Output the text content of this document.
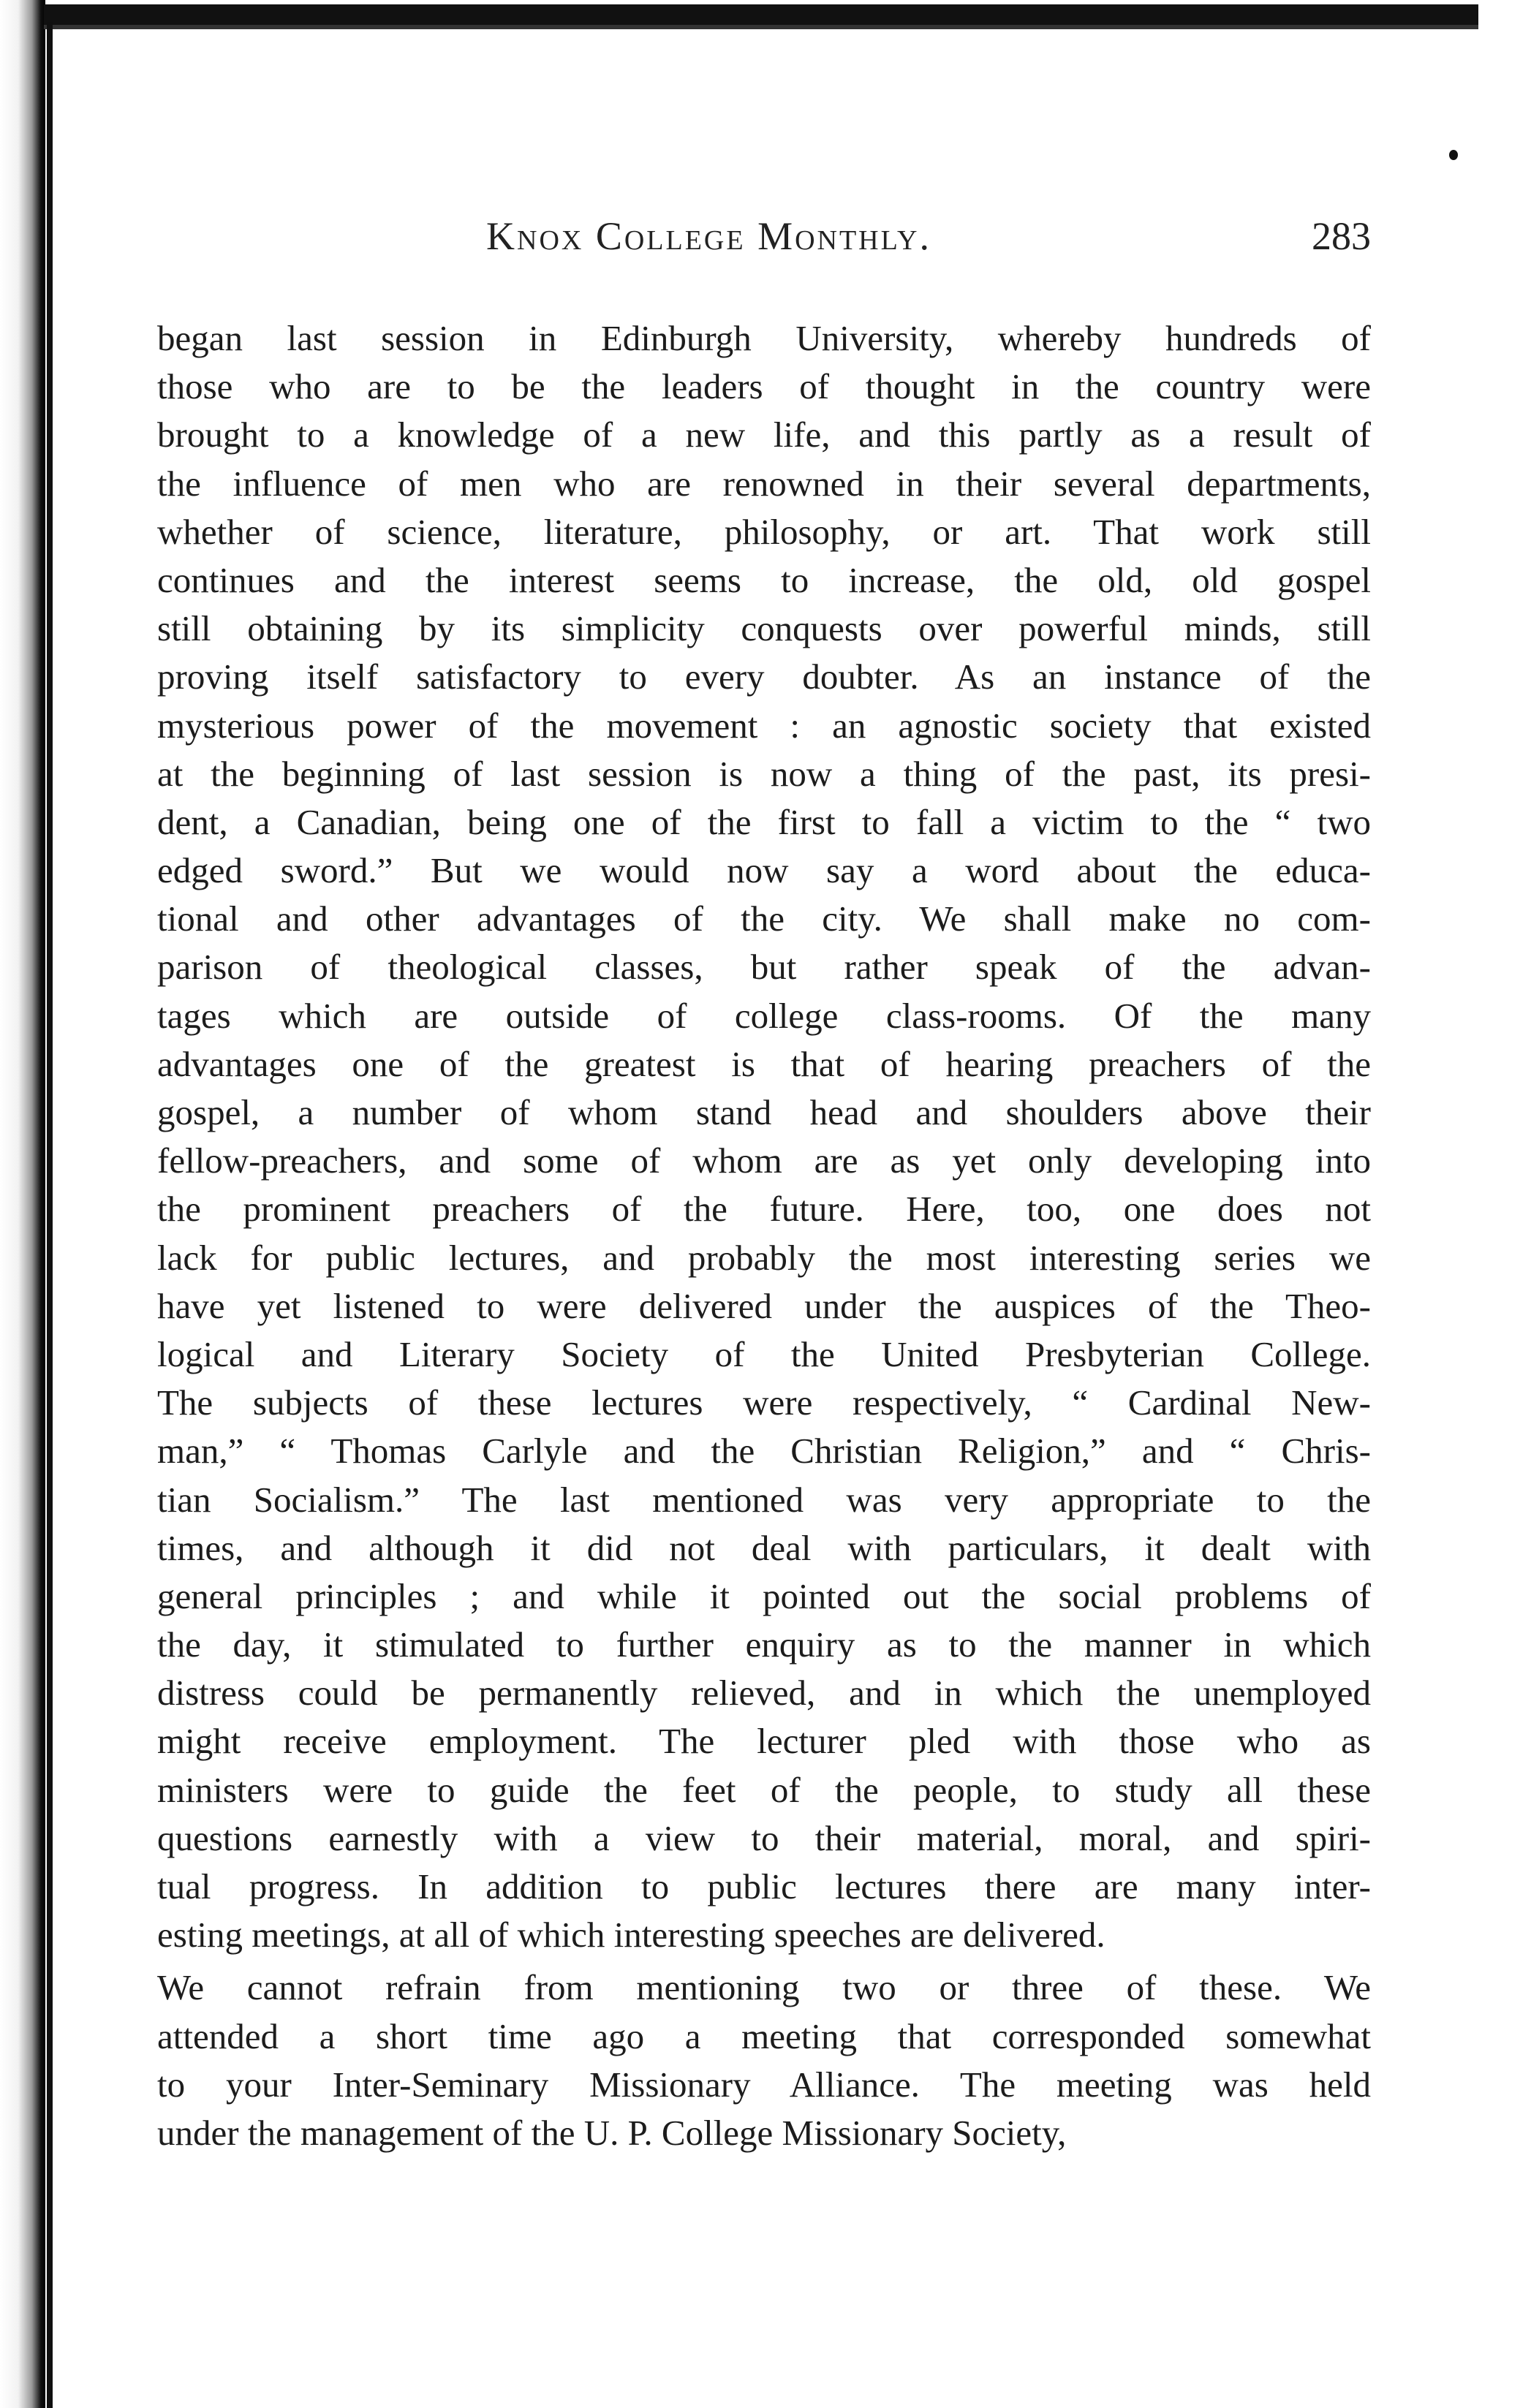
Knox College Monthly.	283
began last session in Edinburgh University, whereby hundreds of
those who are to be the leaders of thought in the country were
brought to a knowledge of a new life, and this partly as a result of
the influence of men who are renowned in their several departments,
whether of science, literature, philosophy, or art. That work still
continues and the interest seems to increase, the old, old gospel
still obtaining by its simplicity conquests over powerful minds, still
proving itself satisfactory to every doubter. As an instance of the
mysterious power of the movement : an agnostic society that existed
at the beginning of last session is now a thing of the past, its presi-
dent, a Canadian, being one of the first to fall a victim to the “ two
edged sword.” But we would now say a word about the educa-
tional and other advantages of the city. We shall make no com-
parison of theological classes, but rather speak of the advan-
tages which are outside of college class-rooms. Of the many
advantages one of the greatest is that of hearing preachers of the
gospel, a number of whom stand head and shoulders above their
fellow-preachers, and some of whom are as yet only developing into
the prominent preachers of the future. Here, too, one does not
lack for public lectures, and probably the most interesting series we
have yet listened to were delivered under the auspices of the Theo-
logical and Literary Society of the United Presbyterian College.
The subjects of these lectures were respectively, “ Cardinal New-
man,” “ Thomas Carlyle and the Christian Religion,” and “ Chris-
tian Socialism.” The last mentioned was very appropriate to the
times, and although it did not deal with particulars, it dealt with
general principles ; and while it pointed out the social problems of
the day, it stimulated to further enquiry as to the manner in which
distress could be permanently relieved, and in which the unemployed
might receive employment. The lecturer pled with those who as
ministers were to guide the feet of the people, to study all these
questions earnestly with a view to their material, moral, and spiri-
tual progress. In addition to public lectures there are many inter-
esting meetings, at all of which interesting speeches are delivered.
We cannot refrain from mentioning two or three of these. We
attended a short time ago a meeting that corresponded somewhat
to your Inter-Seminary Missionary Alliance. The meeting was held
under the management of the U. P. College Missionary Society,
